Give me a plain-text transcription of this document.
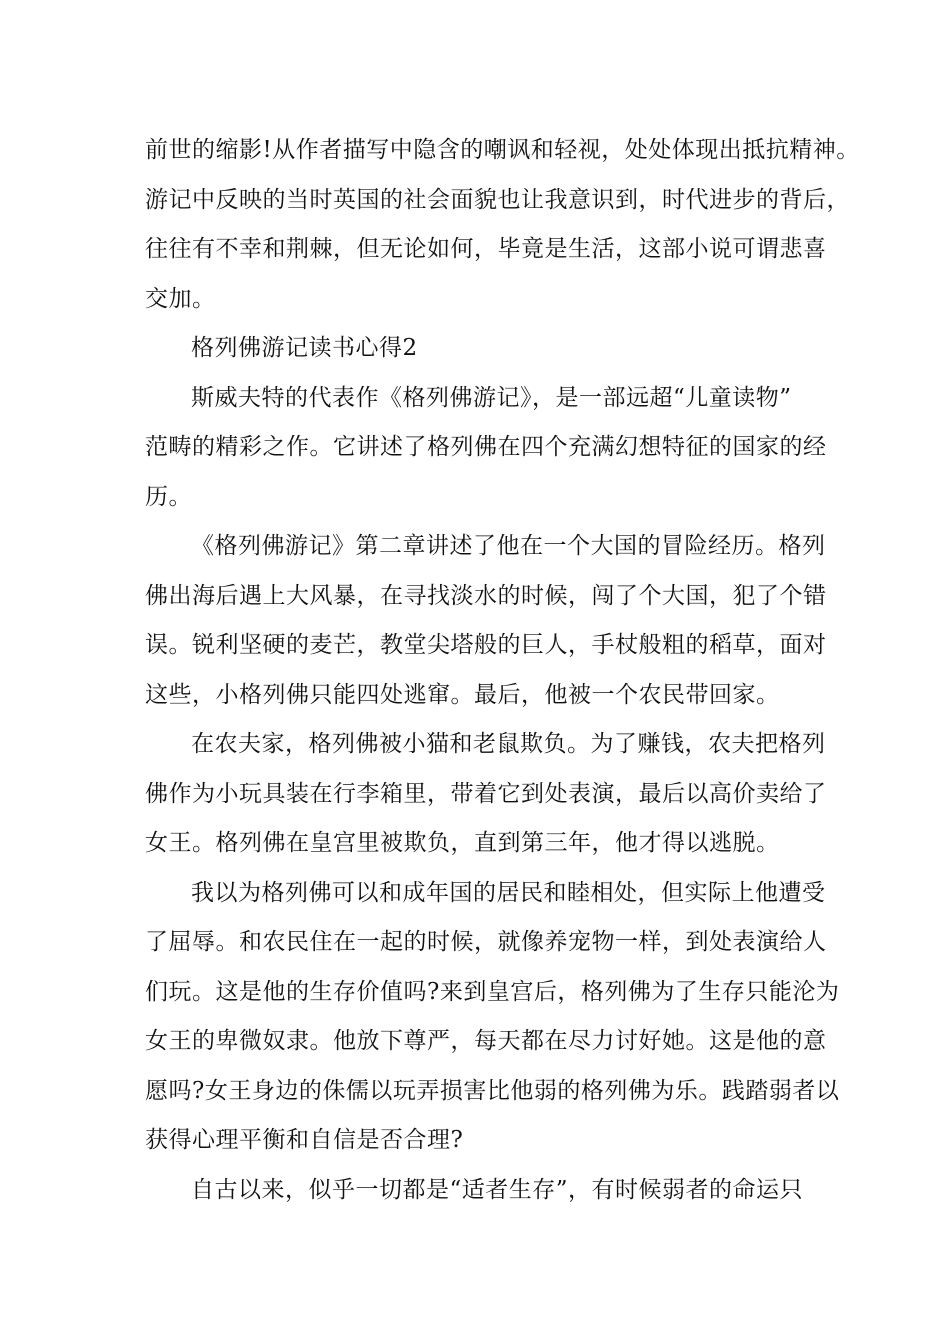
前世的缩影!从作者描写中隐含的嘲讽和轻视，处处体现出抵抗精神。
游记中反映的当时英国的社会面貌也让我意识到，时代进步的背后，
往往有不幸和荆棘，但无论如何，毕竟是生活，这部小说可谓悲喜
交加。
格列佛游记读书心得2
斯威夫特的代表作《格列佛游记》，是一部远超“儿童读物”
范畴的精彩之作。它讲述了格列佛在四个充满幻想特征的国家的经
历。
《格列佛游记》第二章讲述了他在一个大国的冒险经历。格列
佛出海后遇上大风暴，在寻找淡水的时候，闯了个大国，犯了个错
误。锐利坚硬的麦芒，教堂尖塔般的巨人，手杖般粗的稻草，面对
这些，小格列佛只能四处逃窜。最后，他被一个农民带回家。
在农夫家，格列佛被小猫和老鼠欺负。为了赚钱，农夫把格列
佛作为小玩具装在行李箱里，带着它到处表演，最后以高价卖给了
女王。格列佛在皇宫里被欺负，直到第三年，他才得以逃脱。
我以为格列佛可以和成年国的居民和睦相处，但实际上他遭受
了屈辱。和农民住在一起的时候，就像养宠物一样，到处表演给人
们玩。这是他的生存价值吗?来到皇宫后，格列佛为了生存只能沦为
女王的卑微奴隶。他放下尊严，每天都在尽力讨好她。这是他的意
愿吗?女王身边的侏儒以玩弄损害比他弱的格列佛为乐。践踏弱者以
获得心理平衡和自信是否合理?
自古以来，似乎一切都是“适者生存”，有时候弱者的命运只
